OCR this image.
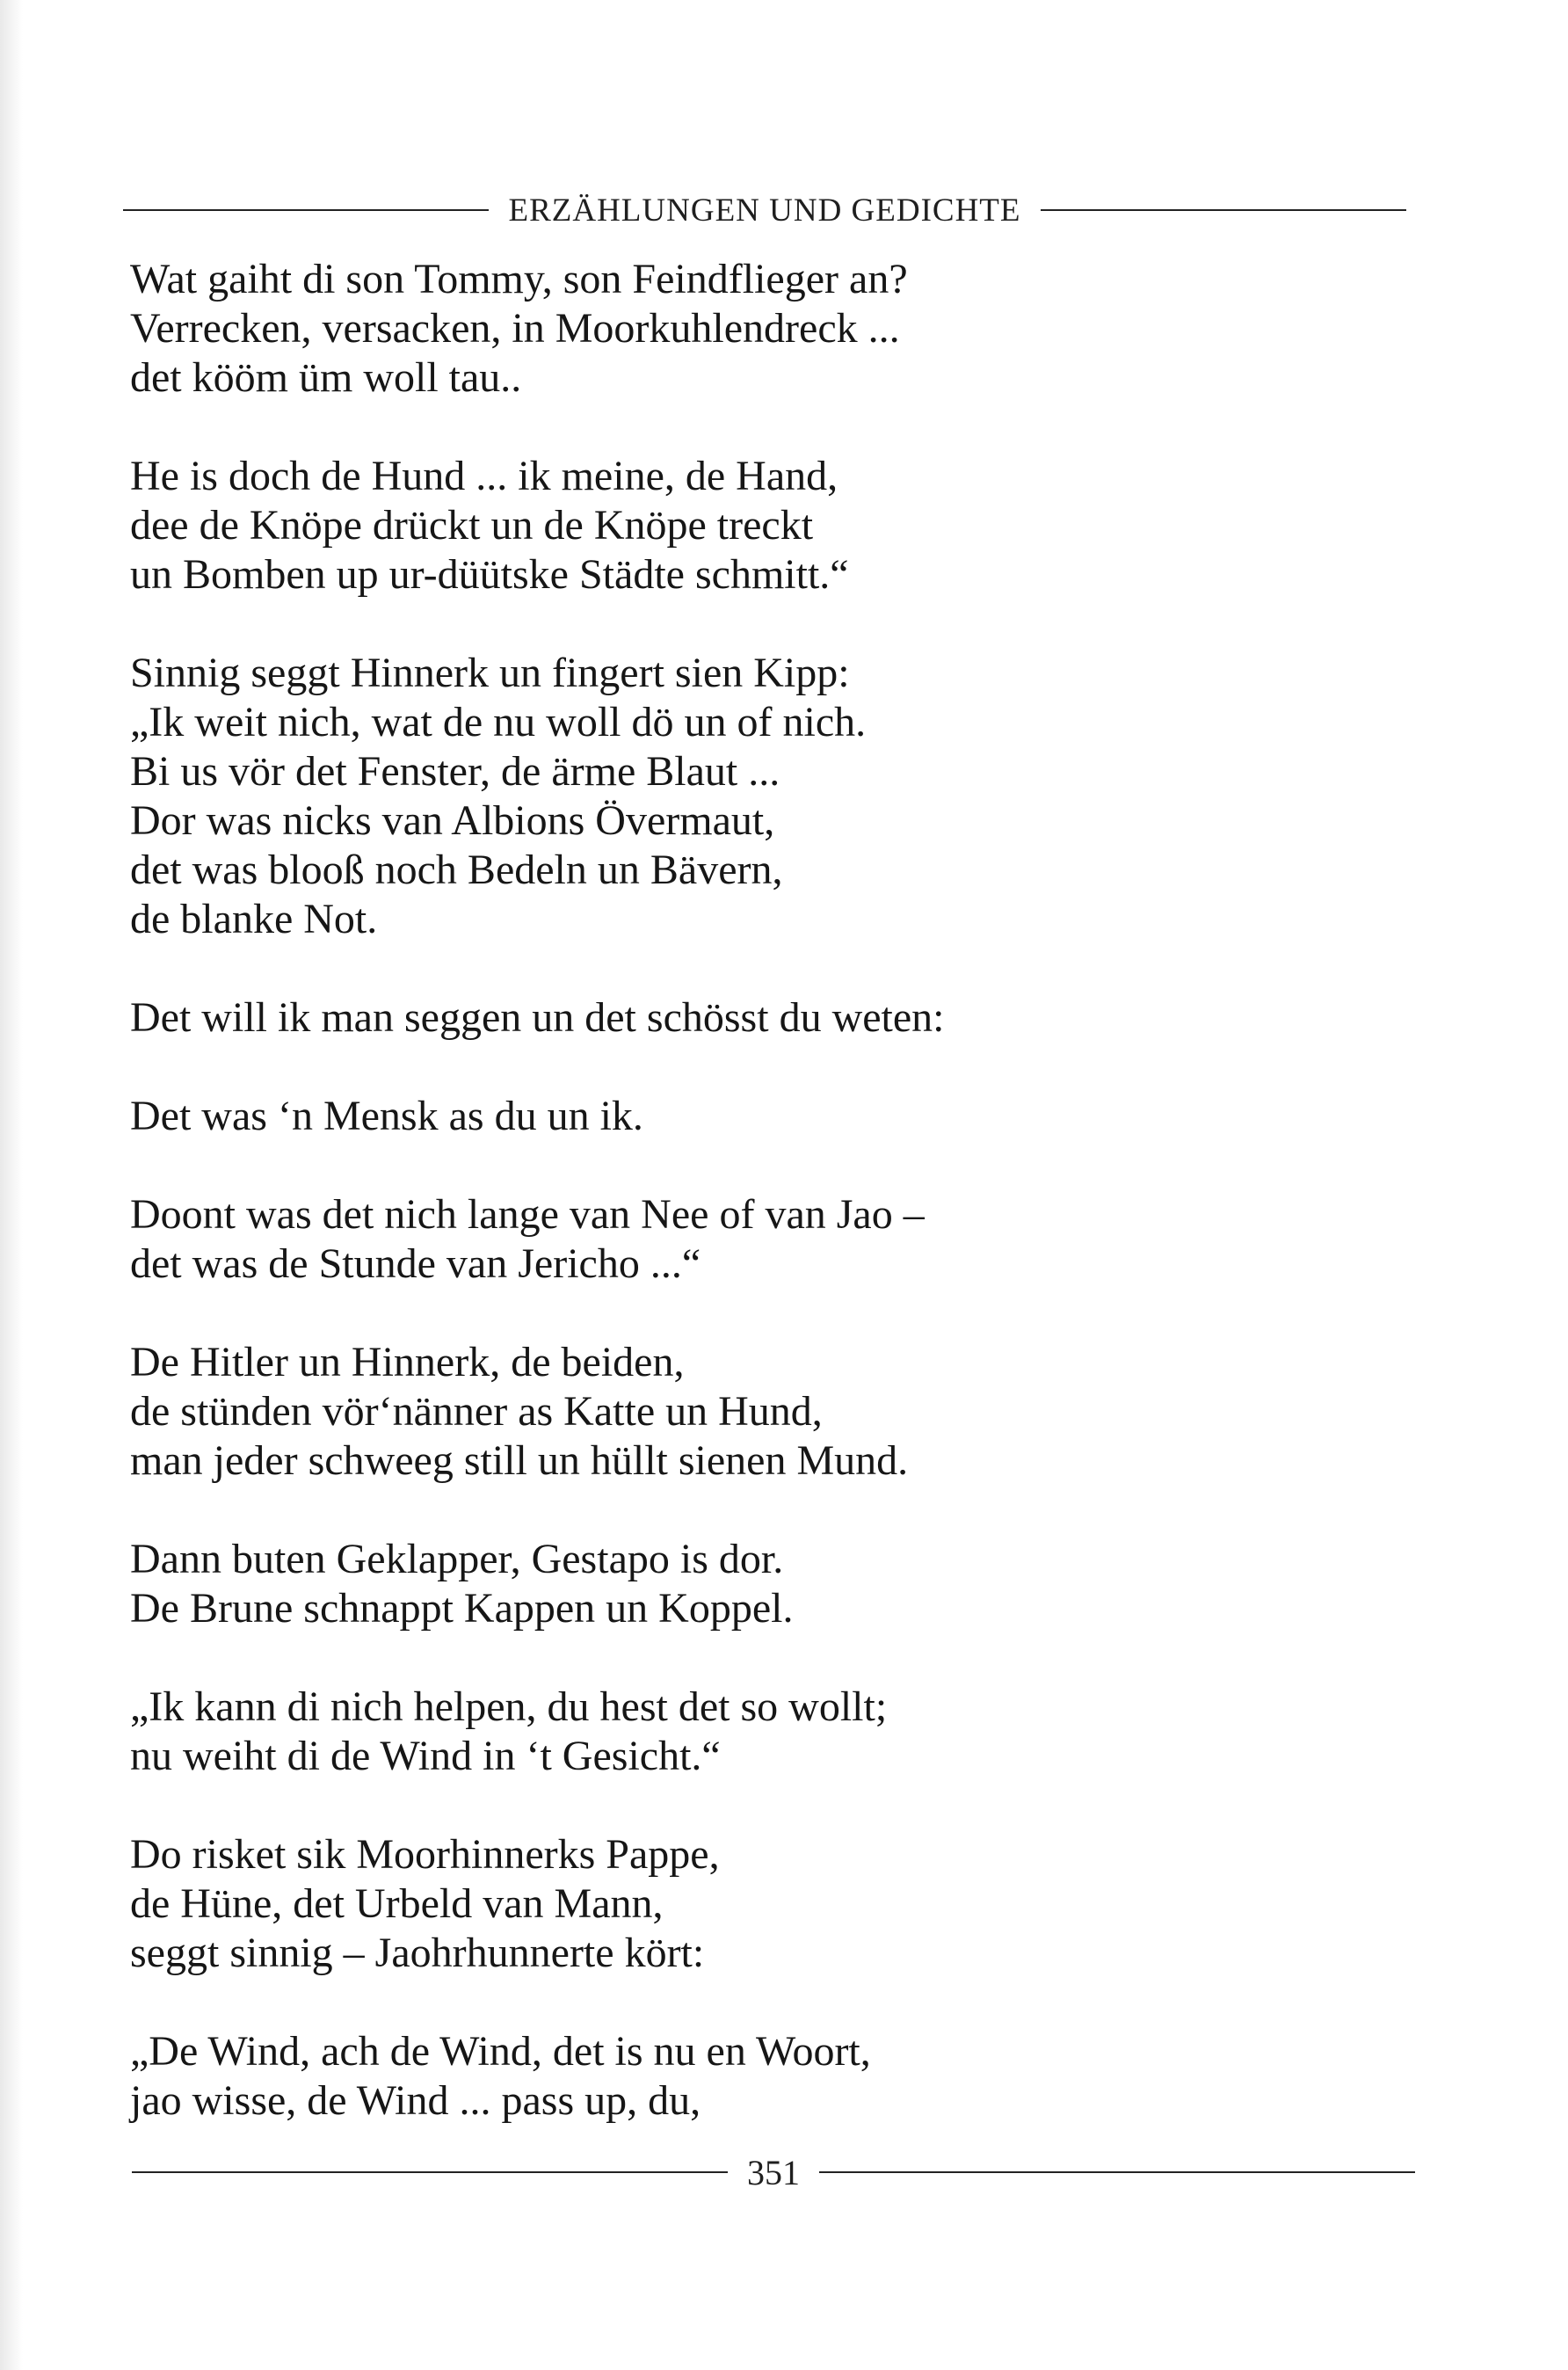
ERZÄHLUNGEN UND GEDICHTE
Wat gaiht di son Tommy, son Feindflieger an?
Verrecken, versacken, in Moorkuhlendreck ...
det kööm üm woll tau..
He is doch de Hund ... ik meine, de Hand,
dee de Knöpe drückt un de Knöpe treckt
un Bomben up ur-düütske Städte schmitt.“
Sinnig seggt Hinnerk un fingert sien Kipp:
„Ik weit nich, wat de nu woll dö un of nich.
Bi us vör det Fenster, de ärme Blaut ...
Dor was nicks van Albions Övermaut,
det was blooß noch Bedeln un Bävern,
de blanke Not.
Det will ik man seggen un det schösst du weten:
Det was ‘n Mensk as du un ik.
Doont was det nich lange van Nee of van Jao –
det was de Stunde van Jericho ...“
De Hitler un Hinnerk, de beiden,
de stünden vör‘nänner as Katte un Hund,
man jeder schweeg still un hüllt sienen Mund.
Dann buten Geklapper, Gestapo is dor.
De Brune schnappt Kappen un Koppel.
„Ik kann di nich helpen, du hest det so wollt;
nu weiht di de Wind in ‘t Gesicht.“
Do risket sik Moorhinnerks Pappe,
de Hüne, det Urbeld van Mann,
seggt sinnig – Jaohrhunnerte kört:
„De Wind, ach de Wind, det is nu en Woort,
jao wisse, de Wind ... pass up, du,
351
